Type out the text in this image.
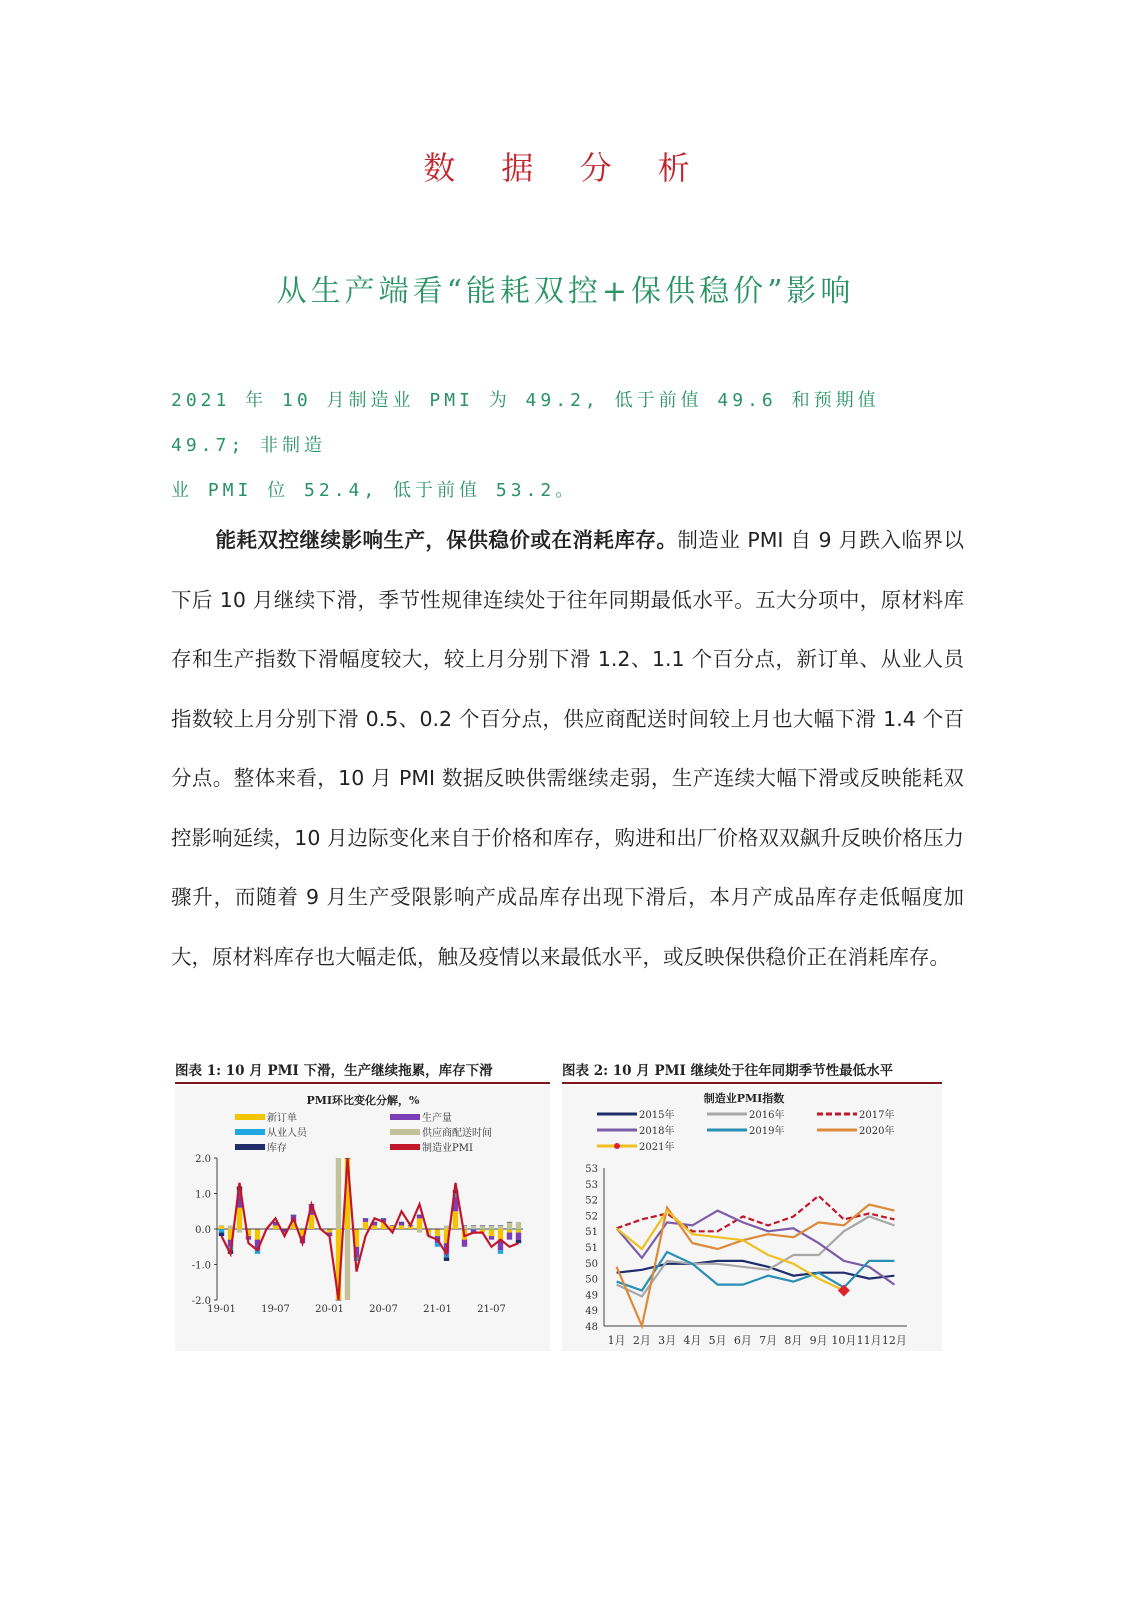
数 据 分 析
从生产端看“能耗双控+保供稳价”影响
2021 年 10 月制造业 PMI 为 49.2, 低于前值 49.6 和预期值 49.7; 非制造
业 PMI 位 52.4, 低于前值 53.2。
能耗双控继续影响生产，保供稳价或在消耗库存。制造业 PMI 自 9 月跌入临界以下后 10 月继续下滑，季节性规律连续处于往年同期最低水平。五大分项中，原材料库存和生产指数下滑幅度较大，较上月分别下滑 1.2、1.1 个百分点，新订单、从业人员指数较上月分别下滑 0.5、0.2 个百分点，供应商配送时间较上月也大幅下滑 1.4 个百分点。整体来看，10 月 PMI 数据反映供需继续走弱，生产连续大幅下滑或反映能耗双控影响延续，10 月边际变化来自于价格和库存，购进和出厂价格双双飙升反映价格压力骤升，而随着 9 月生产受限影响产成品库存出现下滑后，本月产成品库存走低幅度加大，原材料库存也大幅走低，触及疫情以来最低水平，或反映保供稳价正在消耗库存。
图表 1: 10 月 PMI 下滑，生产继续拖累，库存下滑	图表 2: 10 月 PMI 继续处于往年同期季节性最低水平
PMI环比变化分解，%
新订单	生产量
从业人员	供应商配送时间
库存	制造业PMI
2.0
1.0
0.0
-1.0
-2.0
19-01	19-07	20-01	20-07	21-01	21-07
制造业PMI指数
2015年	2016年	2017年
2018年	2019年	2020年
2021年
53
53
52
52
51
51
50
50
49
49
48
1月 2月 3月 4月 5月 6月 7月 8月 9月 10月 11月 12月
